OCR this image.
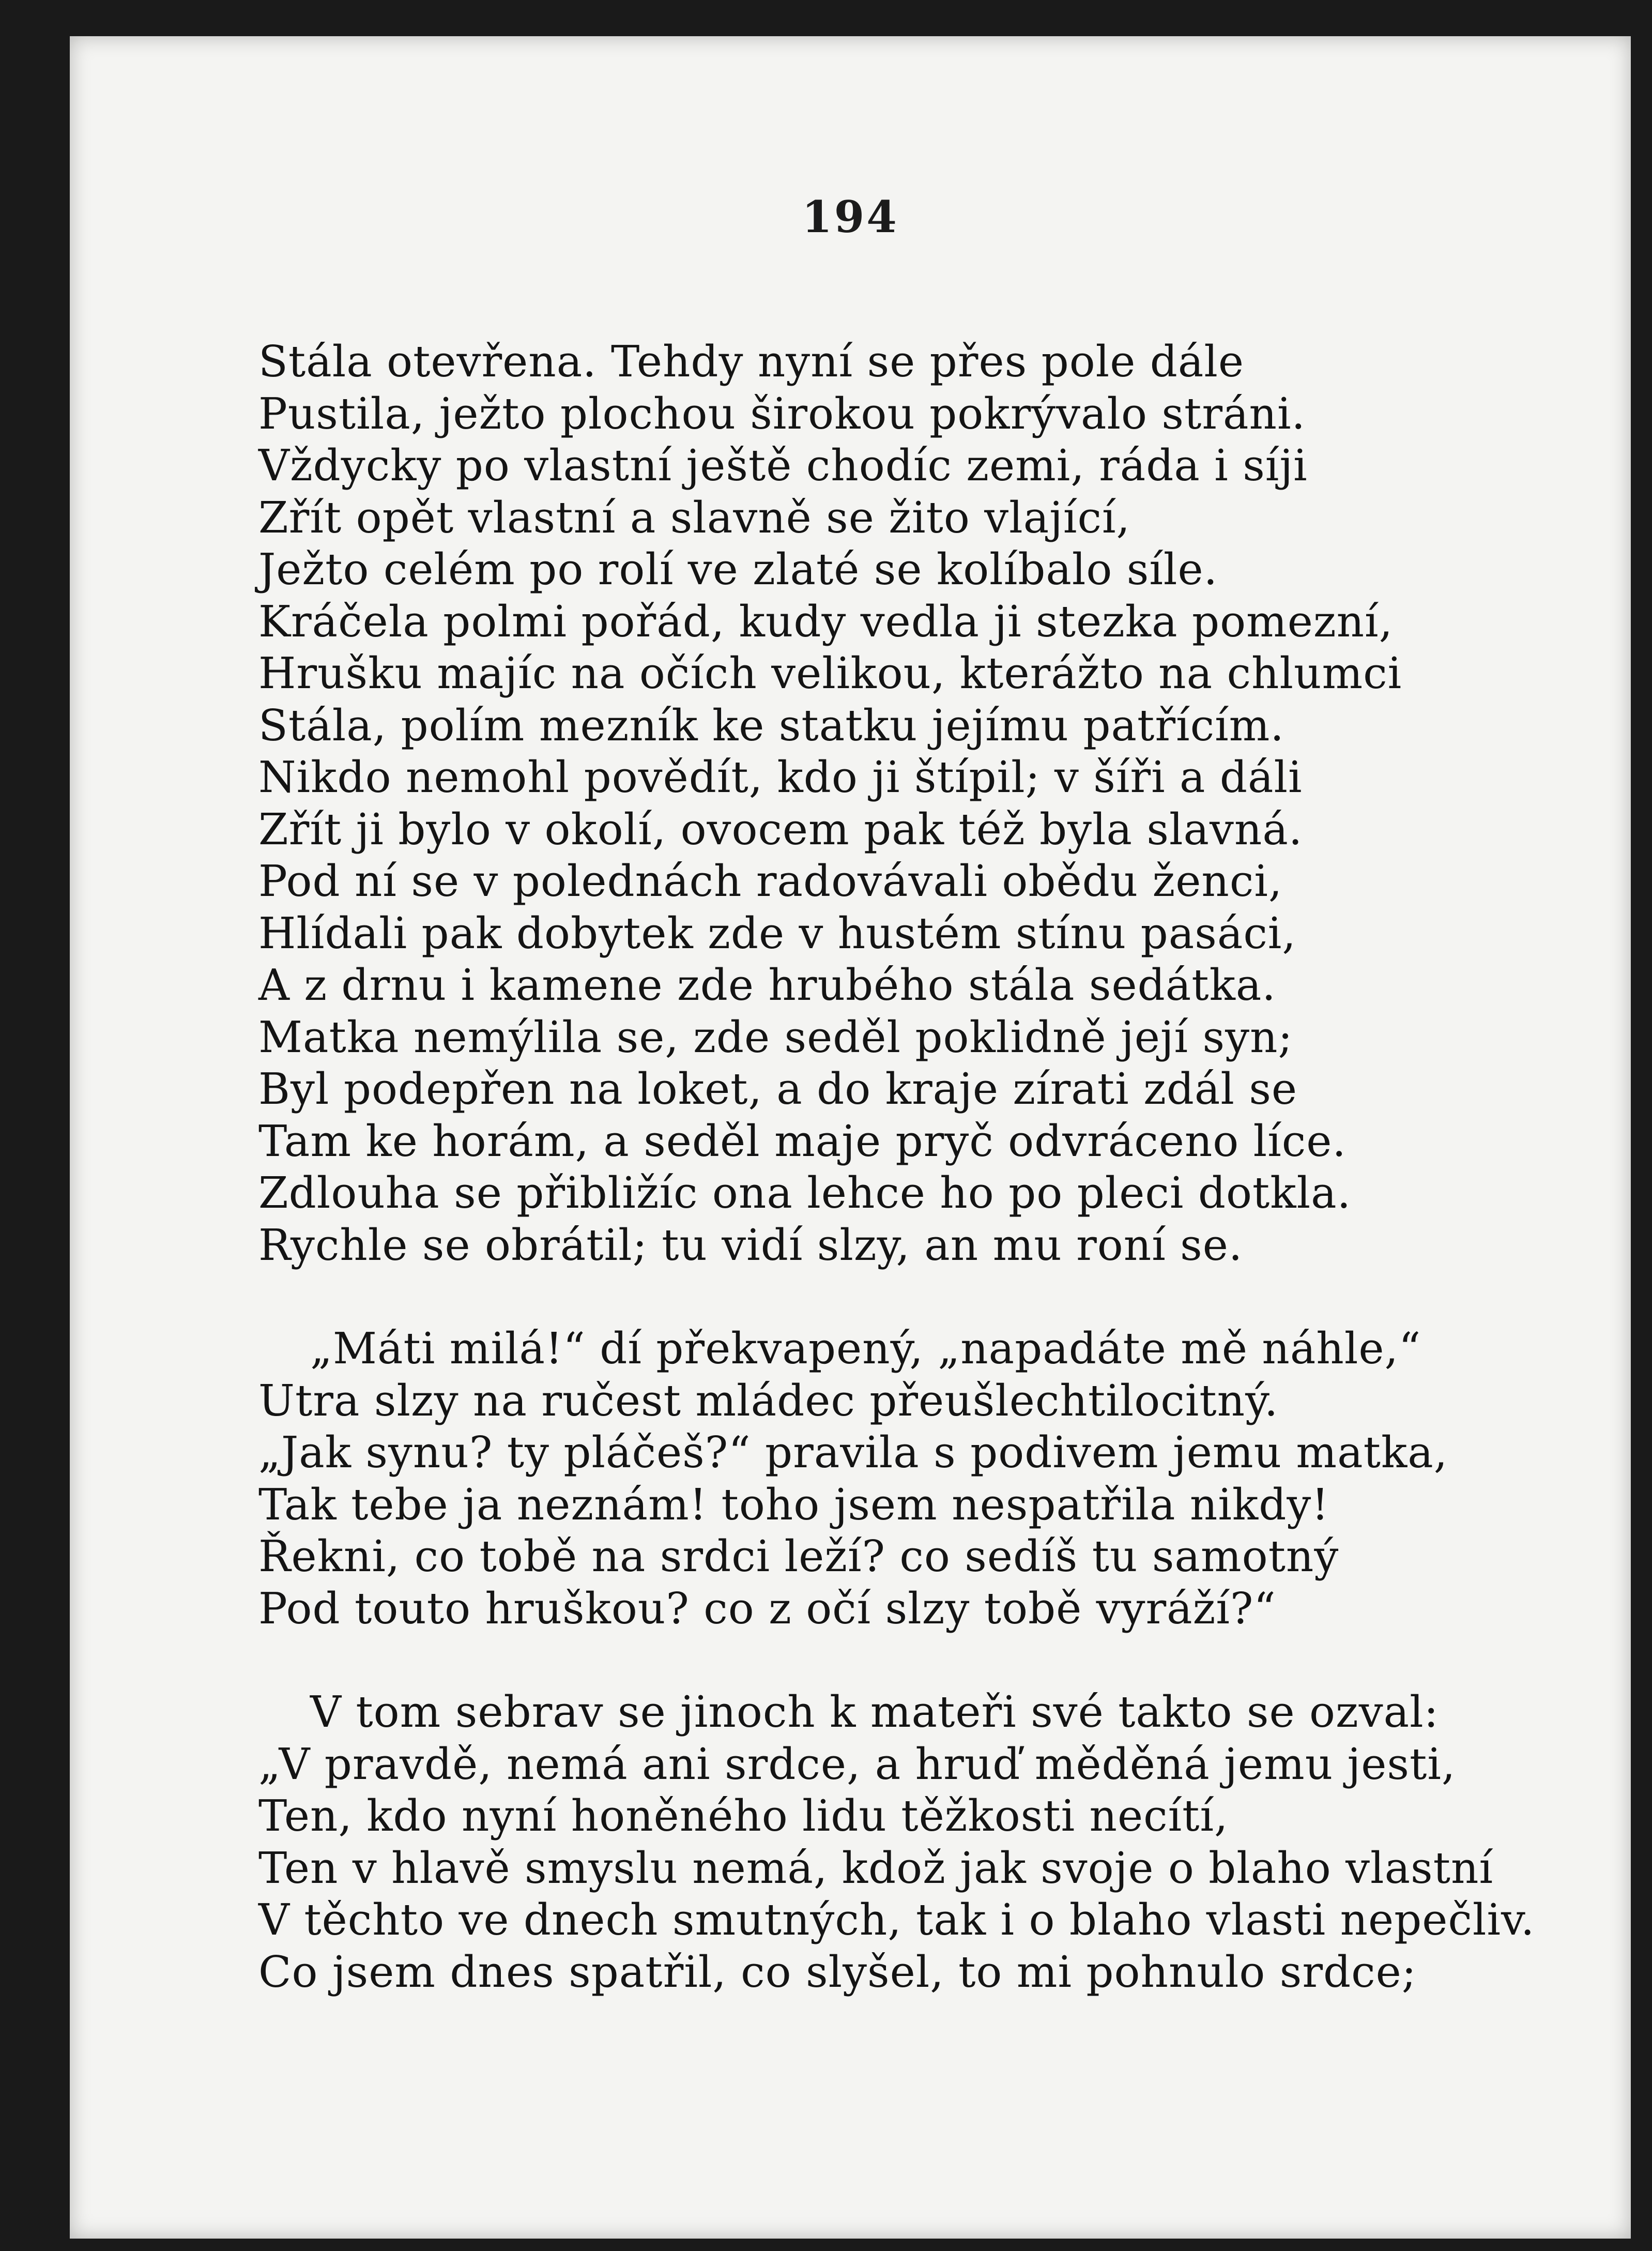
194
Stála otevřena. Tehdy nyní se přes pole dále
Pustila, ježto plochou širokou pokrývalo stráni.
Vždycky po vlastní ještě chodíc zemi, ráda i síji
Zřít opět vlastní a slavně se žito vlající,
Ježto celém po rolí ve zlaté se kolíbalo síle.
Kráčela polmi pořád, kudy vedla ji stezka pomezní,
Hrušku majíc na očích velikou, kterážto na chlumci
Stála, polím mezník ke statku jejímu patřícím.
Nikdo nemohl povědít, kdo ji štípil; v šíři a dáli
Zřít ji bylo v okolí, ovocem pak též byla slavná.
Pod ní se v polednách radovávali obědu ženci,
Hlídali pak dobytek zde v hustém stínu pasáci,
A z drnu i kamene zde hrubého stála sedátka.
Matka nemýlila se, zde seděl poklidně její syn;
Byl podepřen na loket, a do kraje zírati zdál se
Tam ke horám, a seděl maje pryč odvráceno líce.
Zdlouha se přibližíc ona lehce ho po pleci dotkla.
Rychle se obrátil; tu vidí slzy, an mu roní se.
„Máti milá!“ dí překvapený, „napadáte mě náhle,“
Utra slzy na ručest mládec přeušlechtilocitný.
„Jak synu? ty pláčeš?“ pravila s podivem jemu matka,
Tak tebe ja neznám! toho jsem nespatřila nikdy!
Řekni, co tobě na srdci leží? co sedíš tu samotný
Pod touto hruškou? co z očí slzy tobě vyráží?“
V tom sebrav se jinoch k mateři své takto se ozval:
„V pravdě, nemá ani srdce, a hruď měděná jemu jesti,
Ten, kdo nyní honěného lidu těžkosti necítí,
Ten v hlavě smyslu nemá, kdož jak svoje o blaho vlastní
V těchto ve dnech smutných, tak i o blaho vlasti nepečliv.
Co jsem dnes spatřil, co slyšel, to mi pohnulo srdce;
